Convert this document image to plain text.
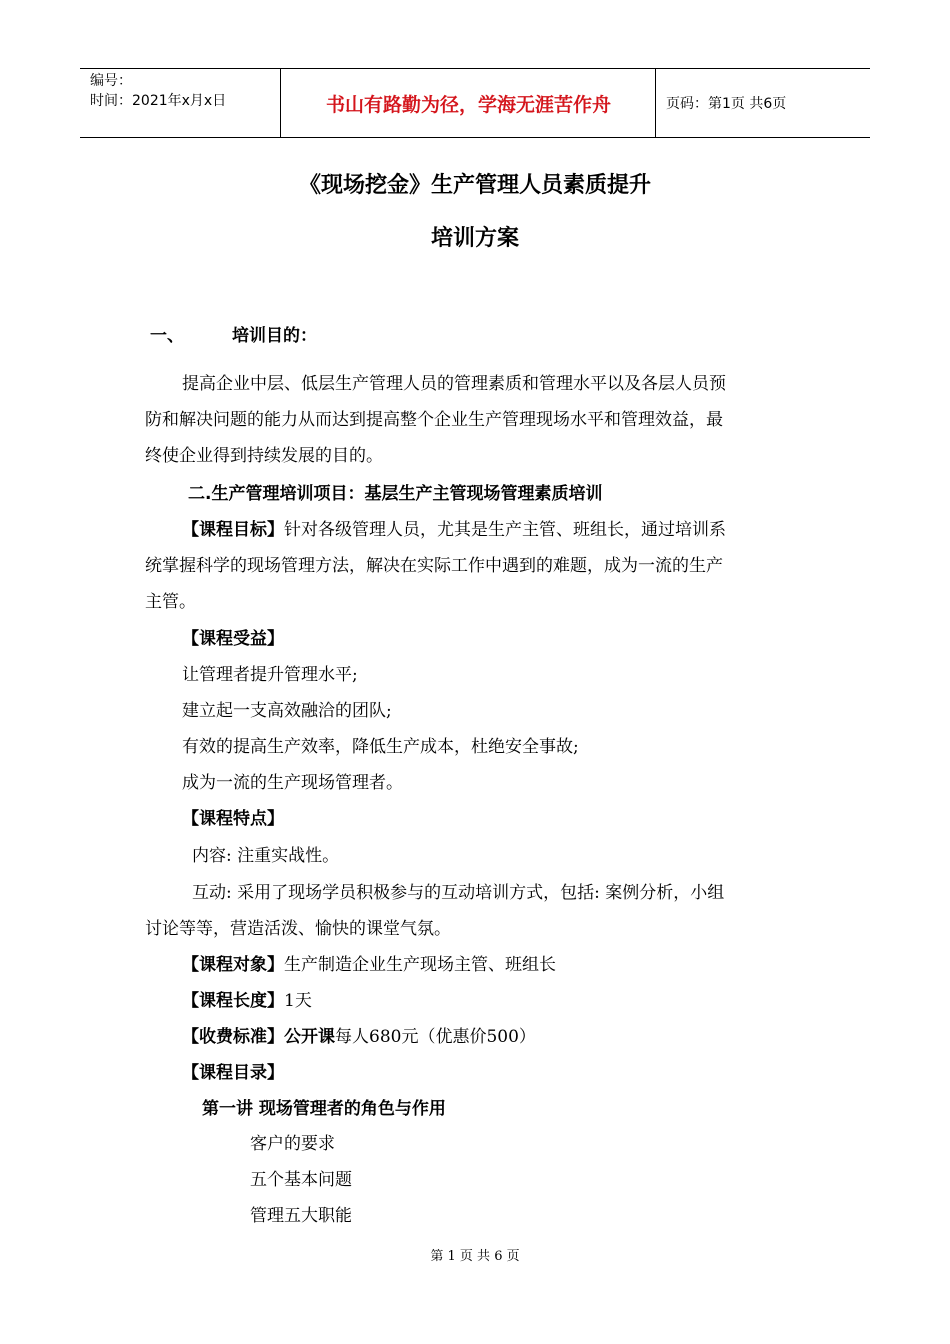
编号：
时间：2021年x月x日	书山有路勤为径，学海无涯苦作舟	页码：第1页 共6页
《现场挖金》生产管理人员素质提升
培训方案
一、	培训目的：
提高企业中层、低层生产管理人员的管理素质和管理水平以及各层人员预
防和解决问题的能力从而达到提高整个企业生产管理现场水平和管理效益，最
终使企业得到持续发展的目的。
二.生产管理培训项目：基层生产主管现场管理素质培训
【课程目标】针对各级管理人员，尤其是生产主管、班组长，通过培训系
统掌握科学的现场管理方法，解决在实际工作中遇到的难题，成为一流的生产
主管。
【课程受益】
让管理者提升管理水平;
建立起一支高效融洽的团队;
有效的提高生产效率，降低生产成本，杜绝安全事故;
成为一流的生产现场管理者。
【课程特点】
内容: 注重实战性。
互动: 采用了现场学员积极参与的互动培训方式，包括: 案例分析，小组
讨论等等，营造活泼、愉快的课堂气氛。
【课程对象】生产制造企业生产现场主管、班组长
【课程长度】1天
【收费标准】公开课每人680元（优惠价500）
【课程目录】
第一讲 现场管理者的角色与作用
客户的要求
五个基本问题
管理五大职能
第 1 页 共 6 页
